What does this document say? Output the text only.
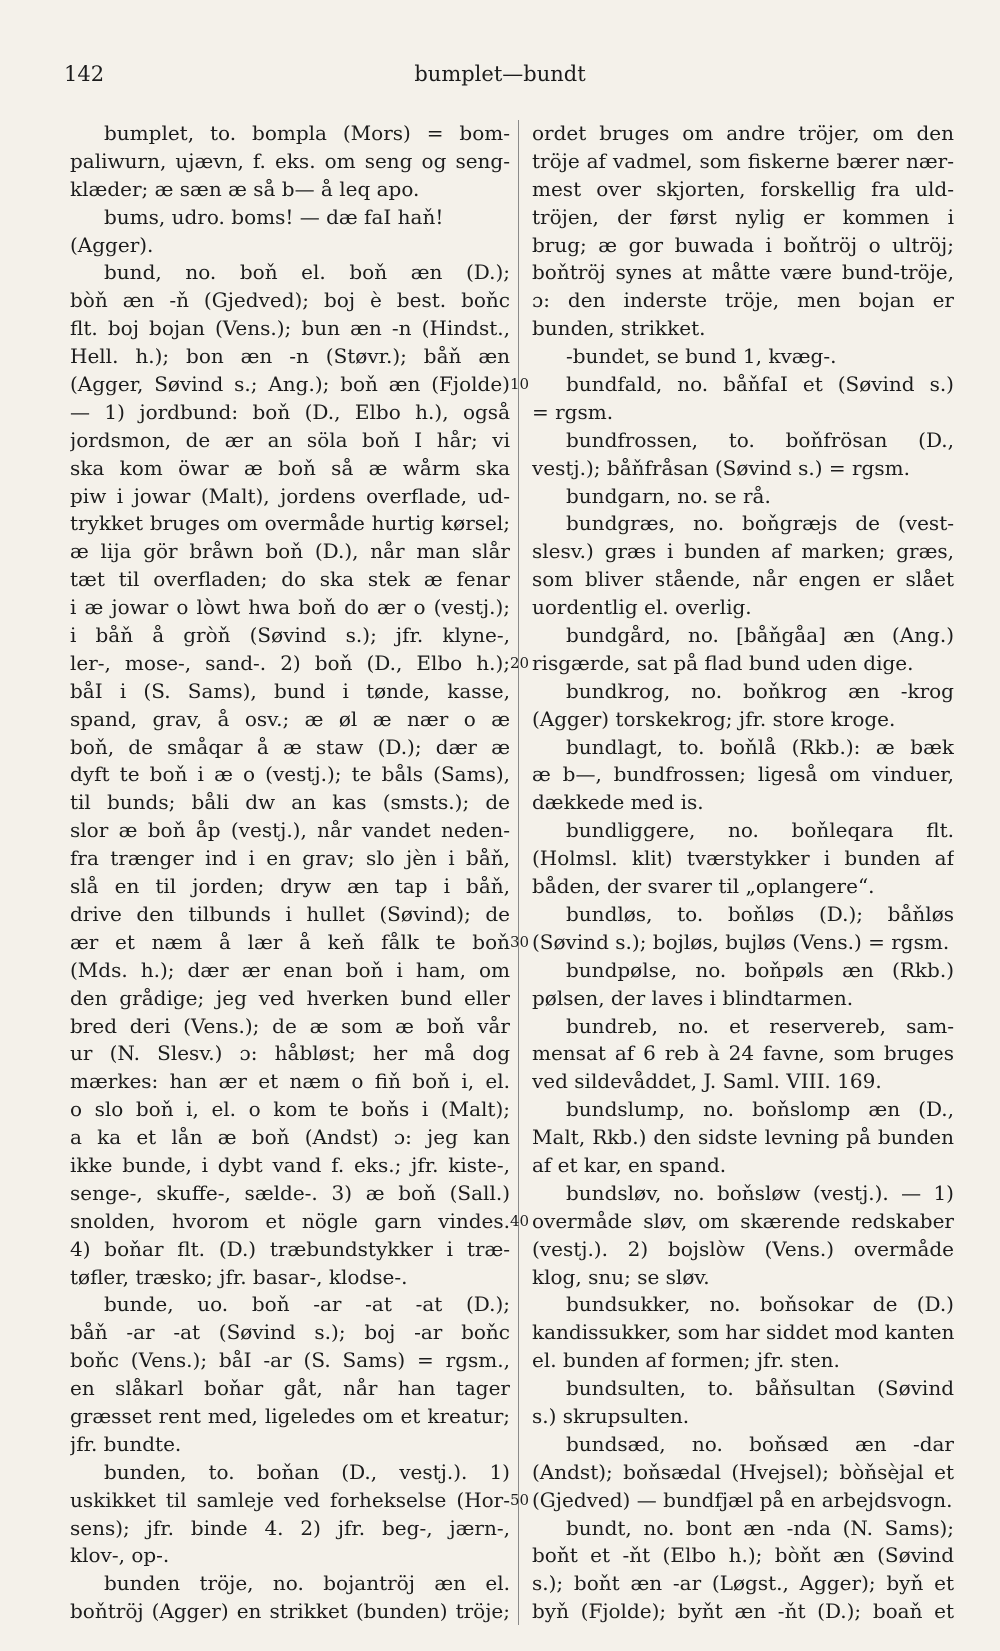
142	bumplet—bundt
bumplet, to. bompla (Mors) = bom-
paliwurn, ujævn, f. eks. om seng og seng-
klæder; æ sæn æ så b— å leq apo.
bums, udro. boms! — dæ faI haň!
(Agger).
bund, no. boň el. boň æn (D.);
bòň æn -ň (Gjedved); boj è best. boňc
flt. boj bojan (Vens.); bun æn -n (Hindst.,
Hell. h.); bon æn -n (Støvr.); båň æn
(Agger, Søvind s.; Ang.); boň æn (Fjolde)
— 1) jordbund: boň (D., Elbo h.), også
jordsmon, de ær an söla boň I hår; vi
ska kom öwar æ boň så æ wårm ska
piw i jowar (Malt), jordens overflade, ud-
trykket bruges om overmåde hurtig kørsel;
æ lija gör bråwn boň (D.), når man slår
tæt til overfladen; do ska stek æ fenar
i æ jowar o lòwt hwa boň do ær o (vestj.);
i båň å gròň (Søvind s.); jfr. klyne-,
ler-, mose-, sand-. 2) boň (D., Elbo h.);
båI i (S. Sams), bund i tønde, kasse,
spand, grav, å osv.; æ øl æ nær o æ
boň, de småqar å æ staw (D.); dær æ
dyft te boň i æ o (vestj.); te båls (Sams),
til bunds; båli dw an kas (smsts.); de
slor æ boň åp (vestj.), når vandet neden-
fra trænger ind i en grav; slo jèn i båň,
slå en til jorden; dryw æn tap i båň,
drive den tilbunds i hullet (Søvind); de
ær et næm å lær å keň fålk te boň
(Mds. h.); dær ær enan boň i ham, om
den grådige; jeg ved hverken bund eller
bred deri (Vens.); de æ som æ boň vår
ur (N. Slesv.) ɔ: håbløst; her må dog
mærkes: han ær et næm o fiň boň i, el.
o slo boň i, el. o kom te boňs i (Malt);
a ka et lån æ boň (Andst) ɔ: jeg kan
ikke bunde, i dybt vand f. eks.; jfr. kiste-,
senge-, skuffe-, sælde-. 3) æ boň (Sall.)
snolden, hvorom et nögle garn vindes.
4) boňar flt. (D.) træbundstykker i træ-
tøfler, træsko; jfr. basar-, klodse-.
bunde, uo. boň -ar -at -at (D.);
båň -ar -at (Søvind s.); boj -ar boňc
boňc (Vens.); båI -ar (S. Sams) = rgsm.,
en slåkarl boňar gåt, når han tager
græsset rent med, ligeledes om et kreatur;
jfr. bundte.
bunden, to. boňan (D., vestj.). 1)
uskikket til samleje ved forhekselse (Hor-
sens); jfr. binde 4. 2) jfr. beg-, jærn-,
klov-, op-.
bunden tröje, no. bojantröj æn el.
boňtröj (Agger) en strikket (bunden) tröje;
ordet bruges om andre tröjer, om den
tröje af vadmel, som fiskerne bærer nær-
mest over skjorten, forskellig fra uld-
tröjen, der først nylig er kommen i
brug; æ gor buwada i boňtröj o ultröj;
boňtröj synes at måtte være bund-tröje,
ɔ: den inderste tröje, men bojan er
bunden, strikket.
-bundet, se bund 1, kvæg-.
bundfald, no. båňfaI et (Søvind s.)
= rgsm.
bundfrossen, to. boňfrösan (D.,
vestj.); båňfråsan (Søvind s.) = rgsm.
bundgarn, no. se rå.
bundgræs, no. boňgræjs de (vest-
slesv.) græs i bunden af marken; græs,
som bliver stående, når engen er slået
uordentlig el. overlig.
bundgård, no. [båňgåa] æn (Ang.)
risgærde, sat på flad bund uden dige.
bundkrog, no. boňkrog æn -krog
(Agger) torskekrog; jfr. store kroge.
bundlagt, to. boňlå (Rkb.): æ bæk
æ b—, bundfrossen; ligeså om vinduer,
dækkede med is.
bundliggere, no. boňleqara flt.
(Holmsl. klit) tværstykker i bunden af
båden, der svarer til „oplangere“.
bundløs, to. boňløs (D.); båňløs
(Søvind s.); bojløs, bujløs (Vens.) = rgsm.
bundpølse, no. boňpøls æn (Rkb.)
pølsen, der laves i blindtarmen.
bundreb, no. et reservereb, sam-
mensat af 6 reb à 24 favne, som bruges
ved sildevåddet, J. Saml. VIII. 169.
bundslump, no. boňslomp æn (D.,
Malt, Rkb.) den sidste levning på bunden
af et kar, en spand.
bundsløv, no. boňsløw (vestj.). — 1)
overmåde sløv, om skærende redskaber
(vestj.). 2) bojslòw (Vens.) overmåde
klog, snu; se sløv.
bundsukker, no. boňsokar de (D.)
kandissukker, som har siddet mod kanten
el. bunden af formen; jfr. sten.
bundsulten, to. båňsultan (Søvind
s.) skrupsulten.
bundsæd, no. boňsæd æn -dar
(Andst); boňsædal (Hvejsel); bòňsèjal et
(Gjedved) — bundfjæl på en arbejdsvogn.
bundt, no. bont æn -nda (N. Sams);
boňt et -ňt (Elbo h.); bòňt æn (Søvind
s.); boňt æn -ar (Løgst., Agger); byň et
byň (Fjolde); byňt æn -ňt (D.); boaň et
10
20
30
40
50
